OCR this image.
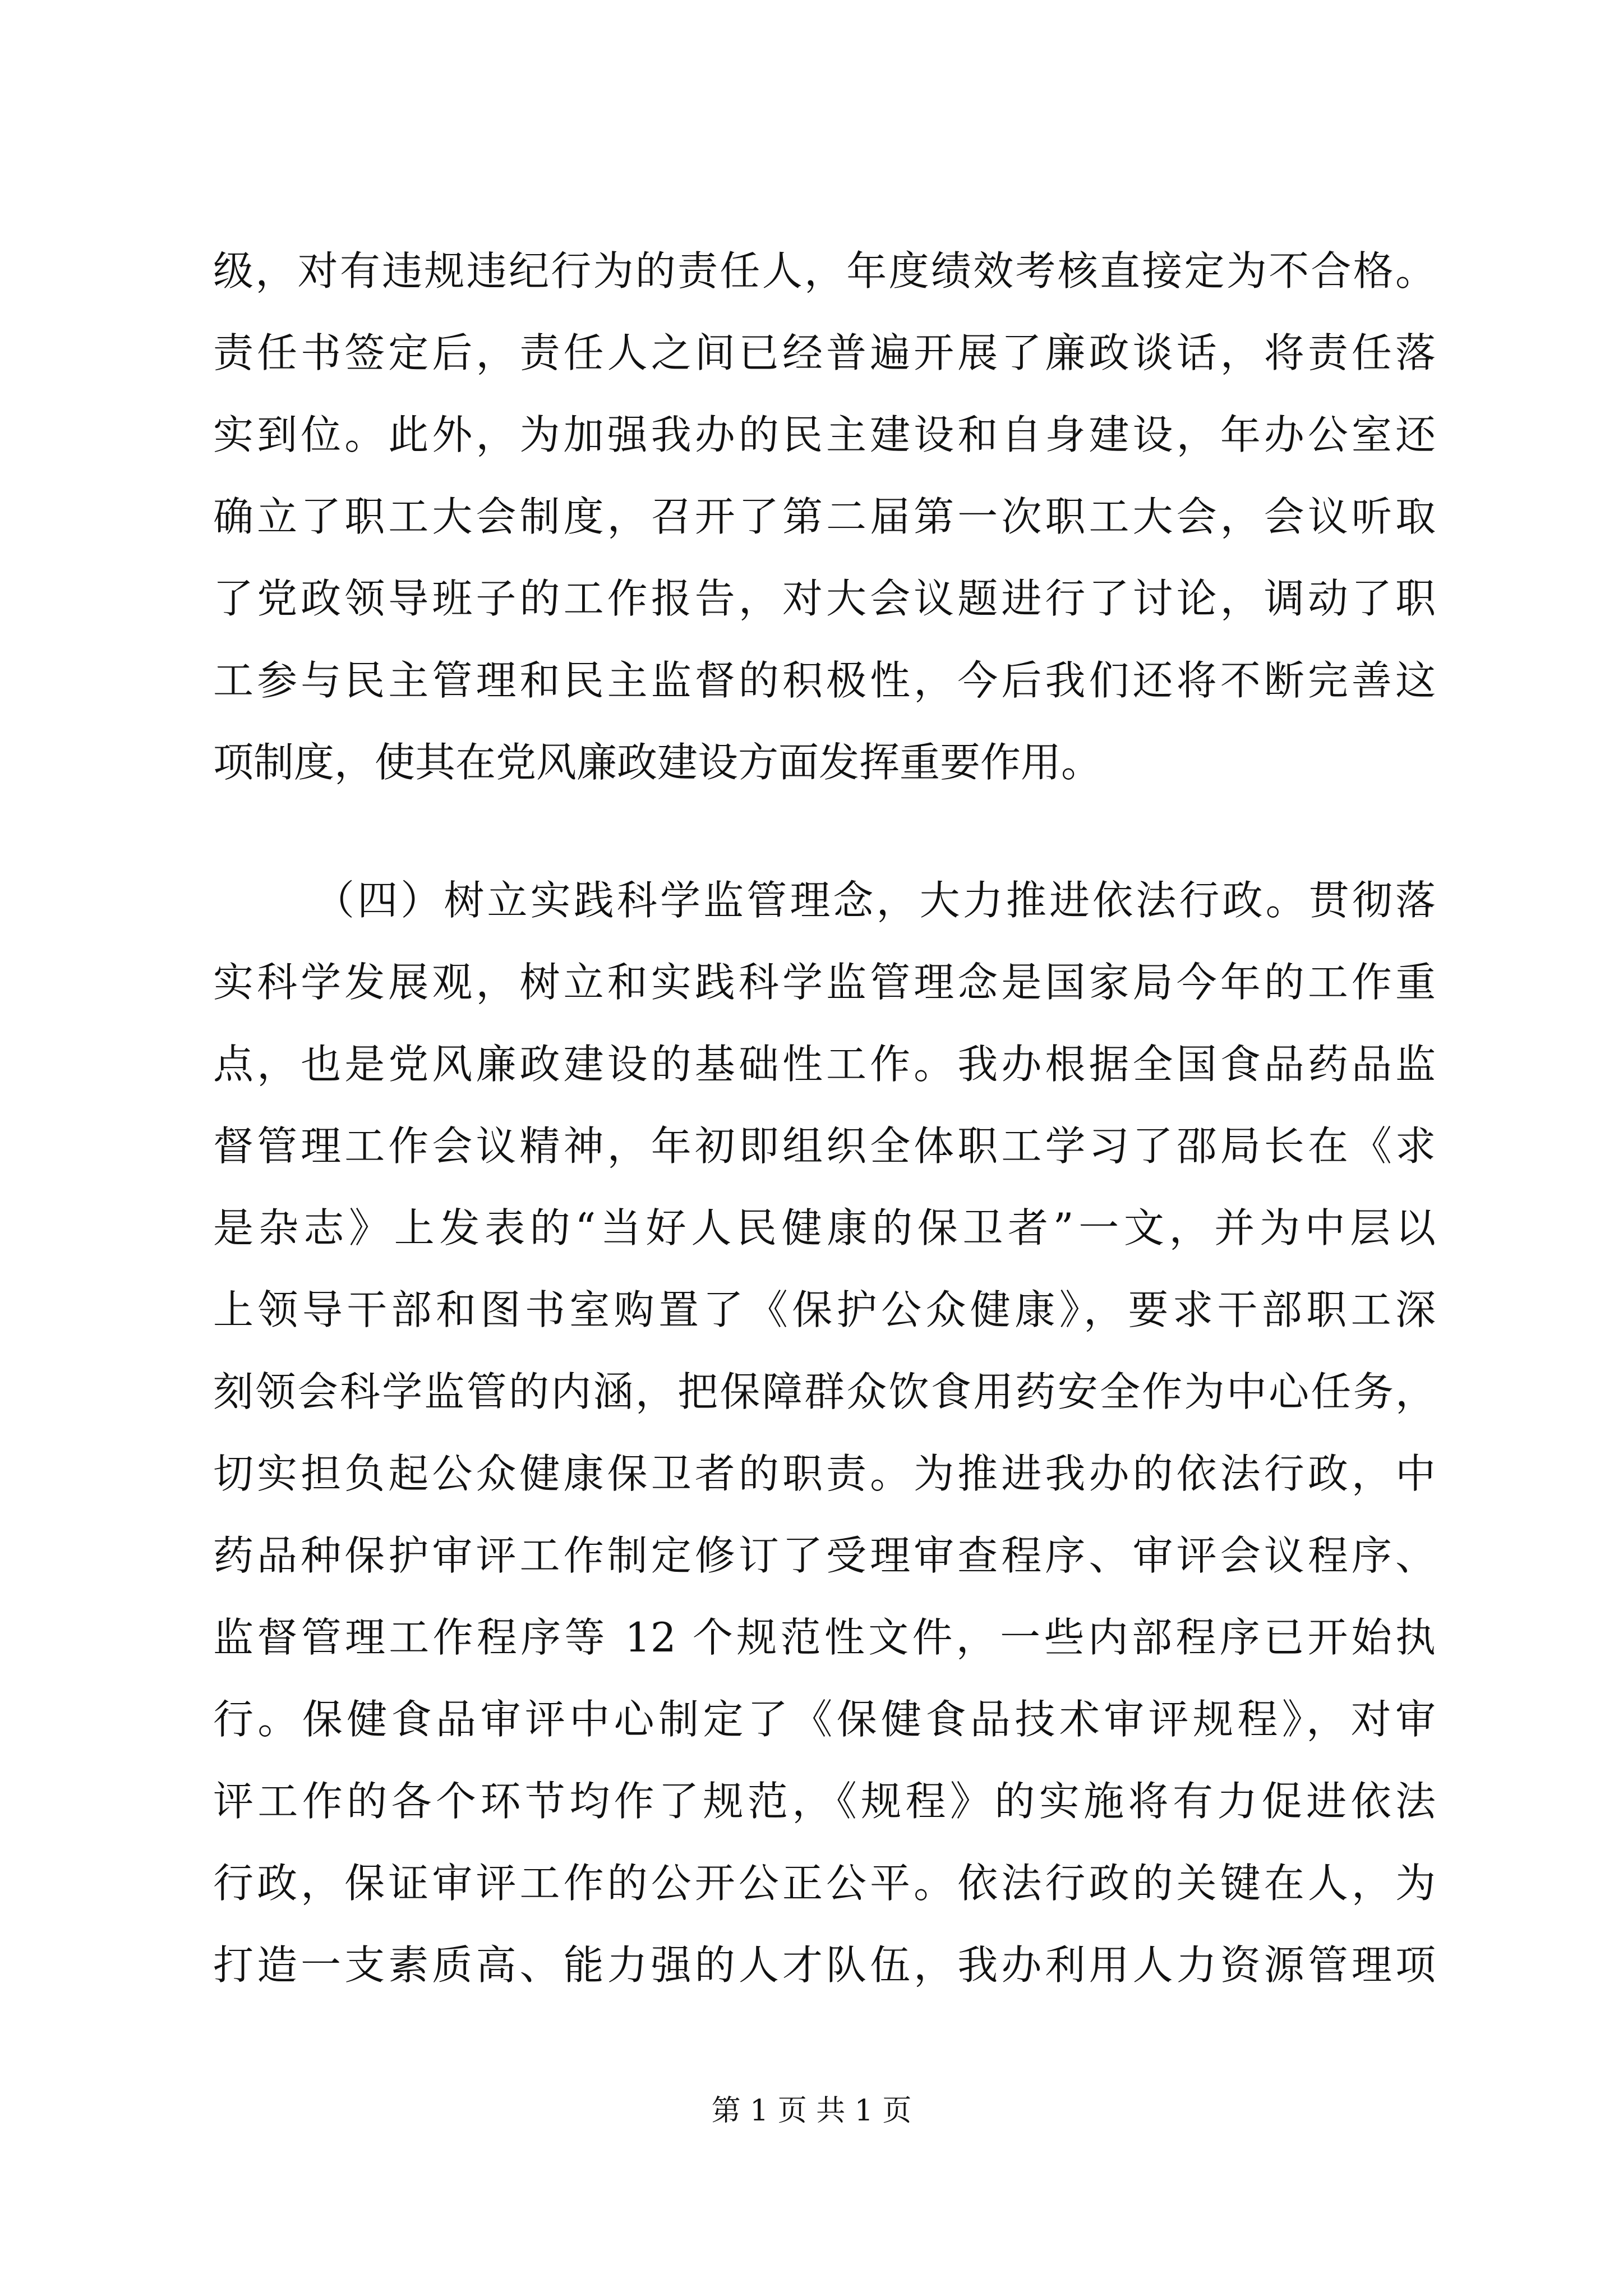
级，对有违规违纪行为的责任人，年度绩效考核直接定为不合格。
责任书签定后，责任人之间已经普遍开展了廉政谈话，将责任落
实到位。此外，为加强我办的民主建设和自身建设，年办公室还
确立了职工大会制度，召开了第二届第一次职工大会，会议听取
了党政领导班子的工作报告，对大会议题进行了讨论，调动了职
工参与民主管理和民主监督的积极性，今后我们还将不断完善这
项制度，使其在党风廉政建设方面发挥重要作用。
（四）树立实践科学监管理念，大力推进依法行政。贯彻落
实科学发展观，树立和实践科学监管理念是国家局今年的工作重
点，也是党风廉政建设的基础性工作。我办根据全国食品药品监
督管理工作会议精神，年初即组织全体职工学习了邵局长在《求
是杂志》上发表的“当好人民健康的保卫者”一文，并为中层以
上领导干部和图书室购置了《保护公众健康》，要求干部职工深
刻领会科学监管的内涵，把保障群众饮食用药安全作为中心任务，
切实担负起公众健康保卫者的职责。为推进我办的依法行政，中
药品种保护审评工作制定修订了受理审查程序、审评会议程序、
监督管理工作程序等 12 个规范性文件，一些内部程序已开始执
行。保健食品审评中心制定了《保健食品技术审评规程》，对审
评工作的各个环节均作了规范，《规程》的实施将有力促进依法
行政，保证审评工作的公开公正公平。依法行政的关键在人，为
打造一支素质高、能力强的人才队伍，我办利用人力资源管理项
第 1 页 共 1 页
